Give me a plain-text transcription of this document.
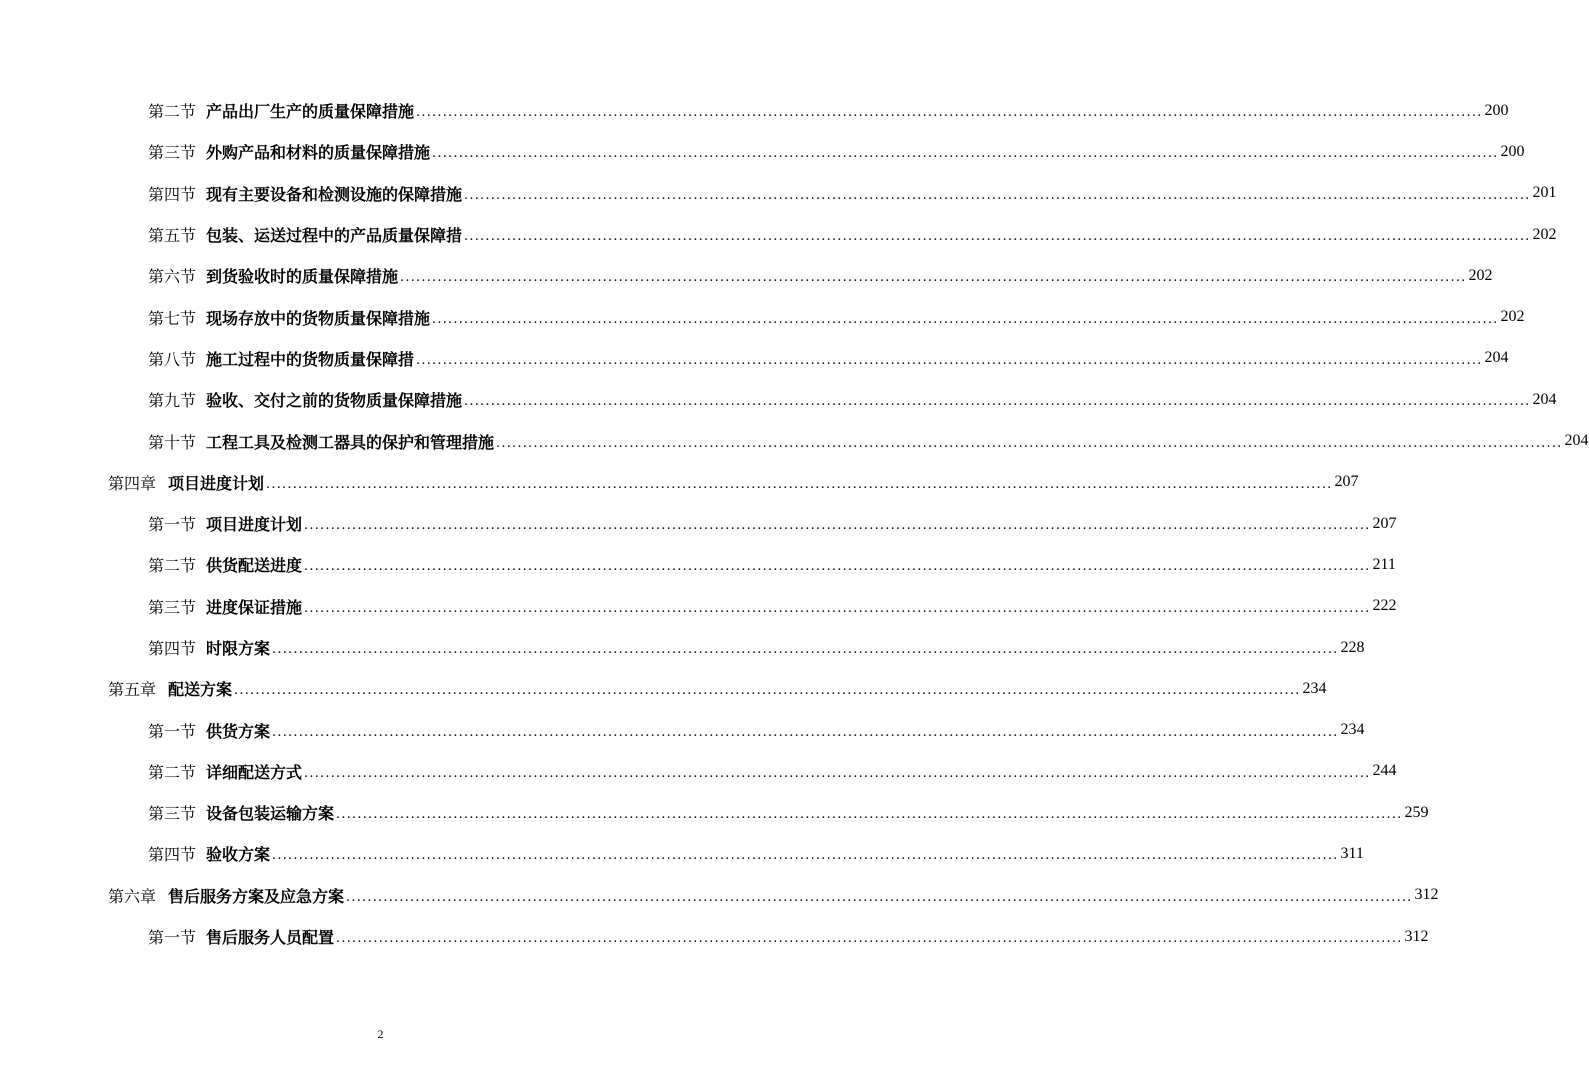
第二节 产品出厂生产的质量保障措施 ........................................................................................................................................................................................................ 200
第三节 外购产品和材料的质量保障措施 ........................................................................................................................................................................................................ 200
第四节 现有主要设备和检测设施的保障措施 ........................................................................................................................................................................................................ 201
第五节 包装、运送过程中的产品质量保障措 ........................................................................................................................................................................................................ 202
第六节 到货验收时的质量保障措施 ........................................................................................................................................................................................................ 202
第七节 现场存放中的货物质量保障措施 ........................................................................................................................................................................................................ 202
第八节 施工过程中的货物质量保障措 ........................................................................................................................................................................................................ 204
第九节 验收、交付之前的货物质量保障措施 ........................................................................................................................................................................................................ 204
第十节 工程工具及检测工器具的保护和管理措施 ........................................................................................................................................................................................................ 204
第四章 项目进度计划 ........................................................................................................................................................................................................ 207
第一节 项目进度计划 ........................................................................................................................................................................................................ 207
第二节 供货配送进度 ........................................................................................................................................................................................................ 211
第三节 进度保证措施 ........................................................................................................................................................................................................ 222
第四节 时限方案 ........................................................................................................................................................................................................ 228
第五章 配送方案 ........................................................................................................................................................................................................ 234
第一节 供货方案 ........................................................................................................................................................................................................ 234
第二节 详细配送方式 ........................................................................................................................................................................................................ 244
第三节 设备包装运输方案 ........................................................................................................................................................................................................ 259
第四节 验收方案 ........................................................................................................................................................................................................ 311
第六章 售后服务方案及应急方案 ........................................................................................................................................................................................................ 312
第一节 售后服务人员配置 ........................................................................................................................................................................................................ 312
2
